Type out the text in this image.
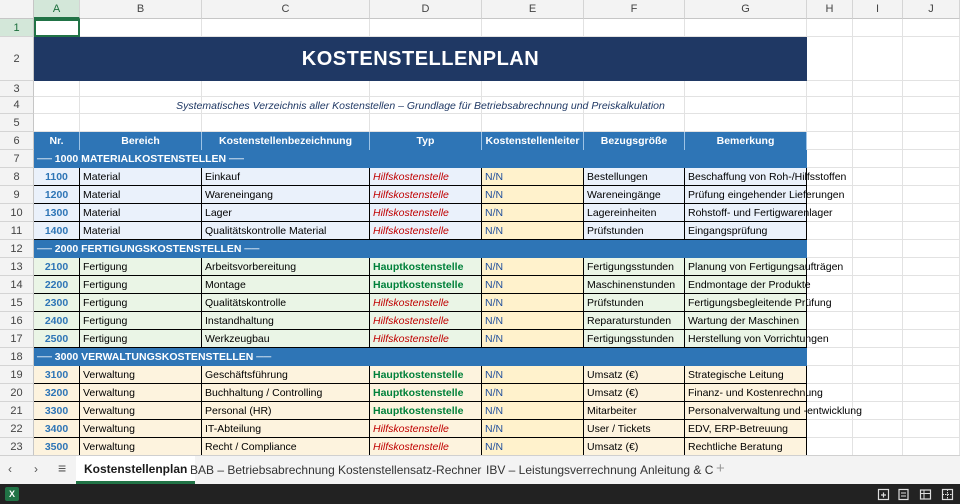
A	B	C	D	E	F	G	H	I	J
1
2
3
4
5
6
7
8
9
10
11
12
13
14
15
16
17
18
19
20
21
22
23
KOSTENSTELLENPLAN
Systematisches Verzeichnis aller Kostenstellen – Grundlage für Betriebsabrechnung und Preiskalkulation
Nr.	Bereich	Kostenstellenbezeichnung	Typ	Kostenstellenleiter	Bezugsgröße	Bemerkung
── 1000 MATERIALKOSTENSTELLEN ──
1100	Material	Einkauf	Hilfskostenstelle	N/N	Bestellungen	Beschaffung von Roh-/Hilfsstoffen
1200	Material	Wareneingang	Hilfskostenstelle	N/N	Wareneingänge	Prüfung eingehender Lieferungen
1300	Material	Lager	Hilfskostenstelle	N/N	Lagereinheiten	Rohstoff- und Fertigwarenlager
1400	Material	Qualitätskontrolle Material	Hilfskostenstelle	N/N	Prüfstunden	Eingangsprüfung
── 2000 FERTIGUNGSKOSTENSTELLEN ──
2100	Fertigung	Arbeitsvorbereitung	Hauptkostenstelle	N/N	Fertigungsstunden	Planung von Fertigungsaufträgen
2200	Fertigung	Montage	Hauptkostenstelle	N/N	Maschinenstunden	Endmontage der Produkte
2300	Fertigung	Qualitätskontrolle	Hilfskostenstelle	N/N	Prüfstunden	Fertigungsbegleitende Prüfung
2400	Fertigung	Instandhaltung	Hilfskostenstelle	N/N	Reparaturstunden	Wartung der Maschinen
2500	Fertigung	Werkzeugbau	Hilfskostenstelle	N/N	Fertigungsstunden	Herstellung von Vorrichtungen
── 3000 VERWALTUNGSKOSTENSTELLEN ──
3100	Verwaltung	Geschäftsführung	Hauptkostenstelle	N/N	Umsatz (€)	Strategische Leitung
3200	Verwaltung	Buchhaltung / Controlling	Hauptkostenstelle	N/N	Umsatz (€)	Finanz- und Kostenrechnung
3300	Verwaltung	Personal (HR)	Hauptkostenstelle	N/N	Mitarbeiter	Personalverwaltung und -entwicklung
3400	Verwaltung	IT-Abteilung	Hilfskostenstelle	N/N	User / Tickets	EDV, ERP-Betreuung
3500	Verwaltung	Recht / Compliance	Hilfskostenstelle	N/N	Umsatz (€)	Rechtliche Beratung
‹ › ≡	Kostenstellenplan BAB – Betriebsabrechnung Kostenstellensatz-Rechner IBV – Leistungsverrechnung Anleitung & C +
X
